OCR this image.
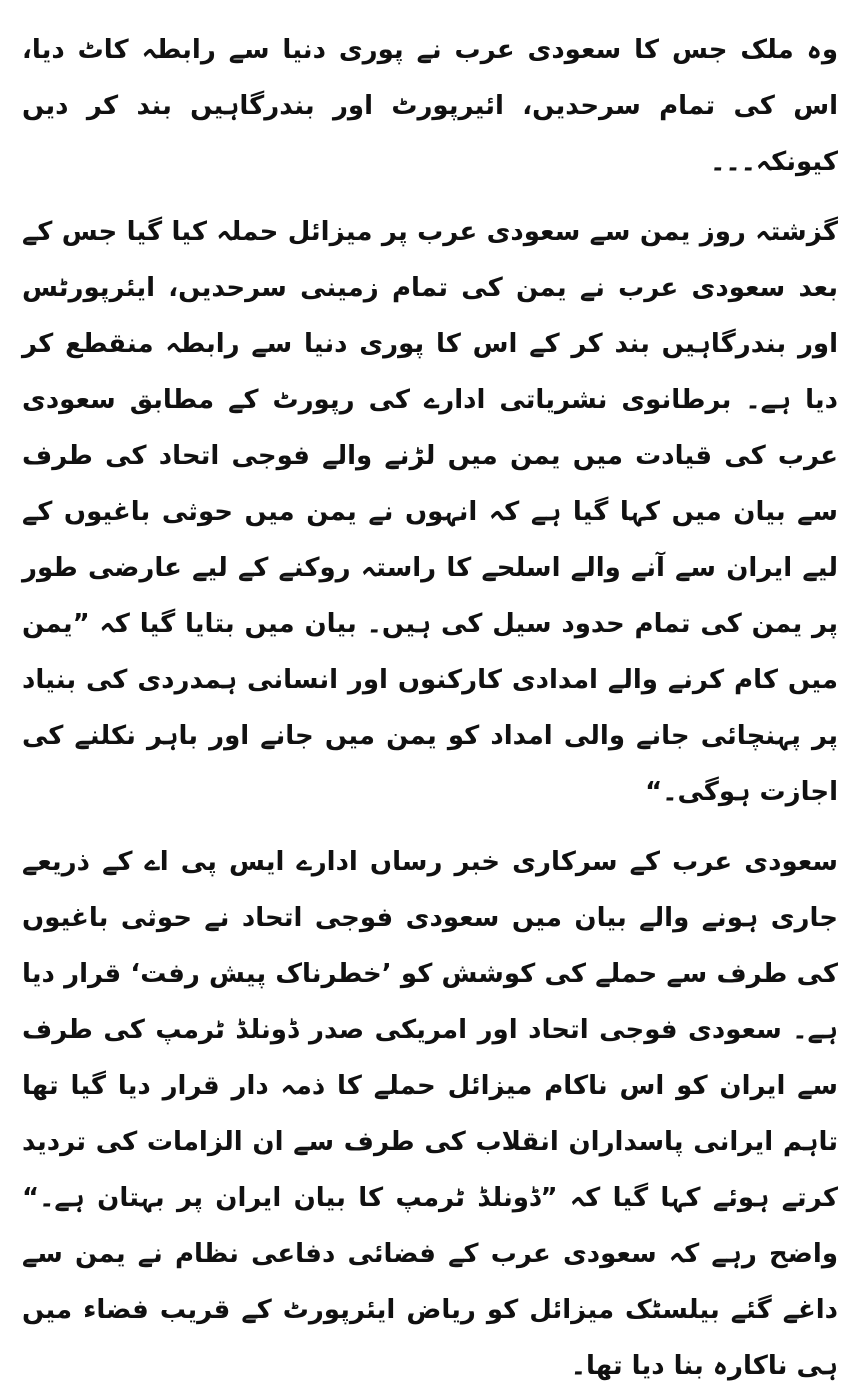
وہ ملک جس کا سعودی عرب نے پوری دنیا سے رابطہ کاٹ دیا، اس کی تمام سرحدیں، ائیرپورٹ اور بندرگاہیں بند کر دیں کیونکہ۔۔۔

گزشتہ روز یمن سے سعودی عرب پر میزائل حملہ کیا گیا جس کے بعد سعودی عرب نے یمن کی تمام زمینی سرحدیں، ایئرپورٹس اور بندرگاہیں بند کر کے اس کا پوری دنیا سے رابطہ منقطع کر دیا ہے۔ برطانوی نشریاتی ادارے کی رپورٹ کے مطابق سعودی عرب کی قیادت میں یمن میں لڑنے والے فوجی اتحاد کی طرف سے بیان میں کہا گیا ہے کہ انہوں نے یمن میں حوثی باغیوں کے لیے ایران سے آنے والے اسلحے کا راستہ روکنے کے لیے عارضی طور پر یمن کی تمام حدود سیل کی ہیں۔ بیان میں بتایا گیا کہ ”یمن میں کام کرنے والے امدادی کارکنوں اور انسانی ہمدردی کی بنیاد پر پہنچائی جانے والی امداد کو یمن میں جانے اور باہر نکلنے کی اجازت ہوگی۔“

سعودی عرب کے سرکاری خبر رساں ادارے ایس پی اے کے ذریعے جاری ہونے والے بیان میں سعودی فوجی اتحاد نے حوثی باغیوں کی طرف سے حملے کی کوشش کو ’خطرناک پیش رفت‘ قرار دیا ہے۔ سعودی فوجی اتحاد اور امریکی صدر ڈونلڈ ٹرمپ کی طرف سے ایران کو اس ناکام میزائل حملے کا ذمہ دار قرار دیا گیا تھا تاہم ایرانی پاسداران انقلاب کی طرف سے ان الزامات کی تردید کرتے ہوئے کہا گیا کہ ”ڈونلڈ ٹرمپ کا بیان ایران پر بہتان ہے۔“ واضح رہے کہ سعودی عرب کے فضائی دفاعی نظام نے یمن سے داغے گئے بیلسٹک میزائل کو ریاض ایئرپورٹ کے قریب فضاء میں ہی ناکارہ بنا دیا تھا۔
